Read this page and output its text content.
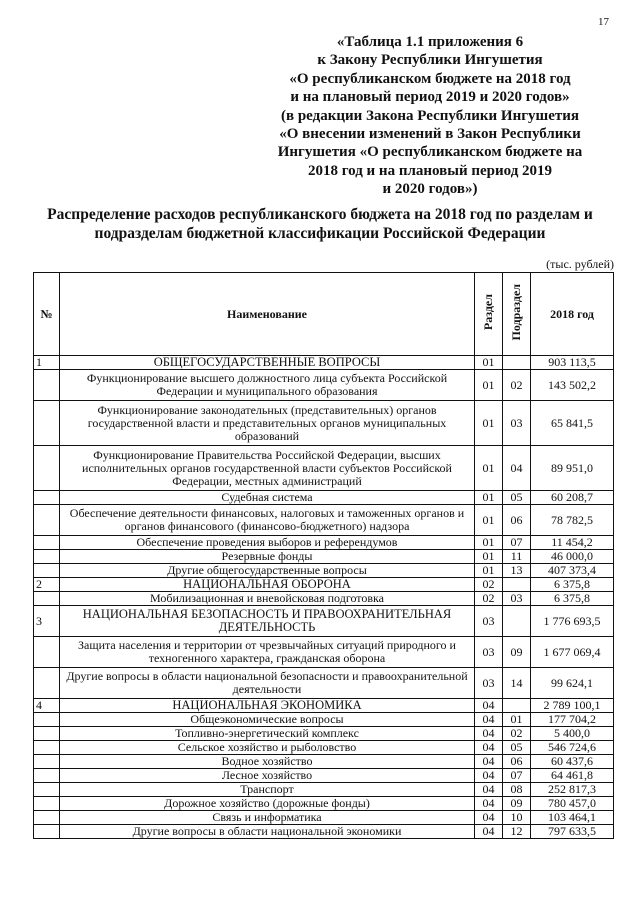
17
«Таблица 1.1 приложения 6
к Закону Республики Ингушетия
«О республиканском бюджете на 2018 год
и на плановый период 2019 и 2020 годов»
(в редакции Закона Республики Ингушетия
«О внесении изменений в Закон Республики
Ингушетия «О республиканском бюджете на
2018 год и на плановый период 2019
и 2020 годов»)
Распределение расходов республиканского бюджета на 2018 год по разделам и
подразделам бюджетной классификации Российской Федерации
(тыс. рублей)
№	Наименование	Раздел	Подраздел	2018 год
1	ОБЩЕГОСУДАРСТВЕННЫЕ ВОПРОСЫ	01		903 113,5
	Функционирование высшего должностного лица субъекта Российской Федерации и муниципального образования	01	02	143 502,2
	Функционирование законодательных (представительных) органов государственной власти и представительных органов муниципальных образований	01	03	65 841,5
	Функционирование Правительства Российской Федерации, высших исполнительных органов государственной власти субъектов Российской Федерации, местных администраций	01	04	89 951,0
	Судебная система	01	05	60 208,7
	Обеспечение деятельности финансовых, налоговых и таможенных органов и органов финансового (финансово-бюджетного) надзора	01	06	78 782,5
	Обеспечение проведения выборов и референдумов	01	07	11 454,2
	Резервные фонды	01	11	46 000,0
	Другие общегосударственные вопросы	01	13	407 373,4
2	НАЦИОНАЛЬНАЯ ОБОРОНА	02		6 375,8
	Мобилизационная и вневойсковая подготовка	02	03	6 375,8
3	НАЦИОНАЛЬНАЯ БЕЗОПАСНОСТЬ И ПРАВООХРАНИТЕЛЬНАЯ ДЕЯТЕЛЬНОСТЬ	03		1 776 693,5
	Защита населения и территории от чрезвычайных ситуаций природного и техногенного характера, гражданская оборона	03	09	1 677 069,4
	Другие вопросы в области национальной безопасности и правоохранительной деятельности	03	14	99 624,1
4	НАЦИОНАЛЬНАЯ ЭКОНОМИКА	04		2 789 100,1
	Общеэкономические вопросы	04	01	177 704,2
	Топливно-энергетический комплекс	04	02	5 400,0
	Сельское хозяйство и рыболовство	04	05	546 724,6
	Водное хозяйство	04	06	60 437,6
	Лесное хозяйство	04	07	64 461,8
	Транспорт	04	08	252 817,3
	Дорожное хозяйство (дорожные фонды)	04	09	780 457,0
	Связь и информатика	04	10	103 464,1
	Другие вопросы в области национальной экономики	04	12	797 633,5
